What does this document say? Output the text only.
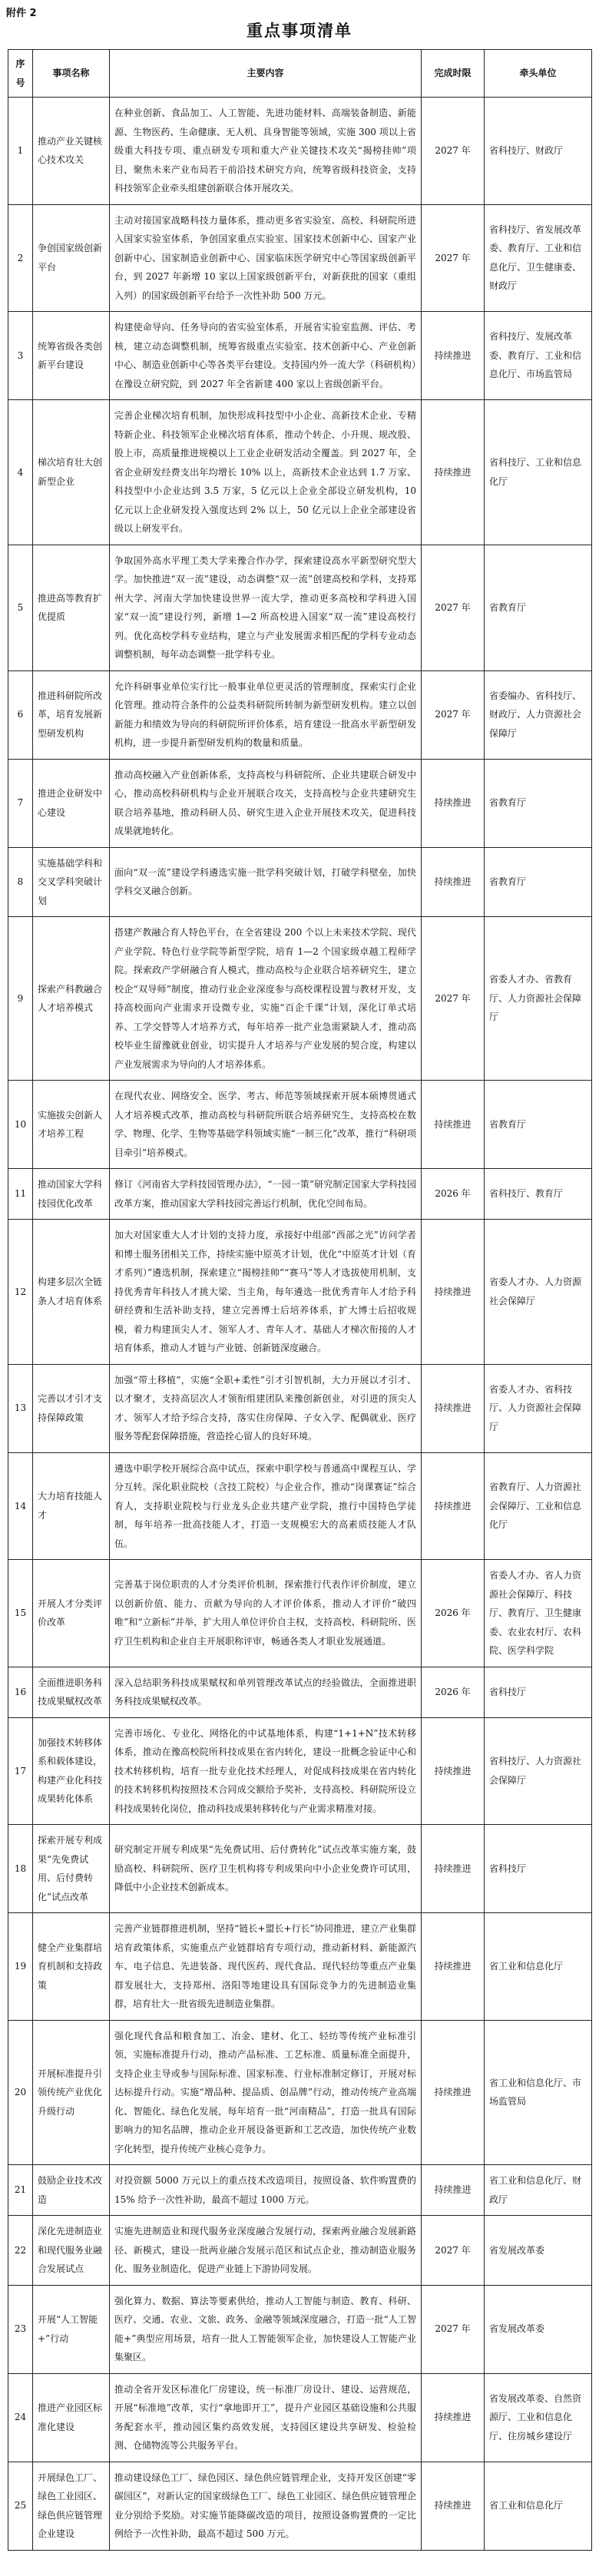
附件 2
重点事项清单
序号	事项名称	主要内容	完成时限	牵头单位
1	推动产业关键核心技术攻关	在种业创新、食品加工、人工智能、先进功能材料、高端装备制造、新能源、生物医药、生命健康、无人机、具身智能等领域，实施 300 项以上省级重大科技专项、重点研发专项和重大产业关键技术攻关“揭榜挂帅”项目，聚焦未来产业布局若干前沿技术研究方向，统筹省级科技资金，支持科技领军企业牵头组建创新联合体开展攻关。	2027 年	省科技厅、财政厅
2	争创国家级创新平台	主动对接国家战略科技力量体系，推动更多省实验室、高校、科研院所进入国家实验室体系，争创国家重点实验室、国家技术创新中心、国家产业创新中心、国家制造业创新中心、国家临床医学研究中心等国家级创新平台，到 2027 年新增 10 家以上国家级创新平台，对新获批的国家（重组入列）的国家级创新平台给予一次性补助 500 万元。	2027 年	省科技厅、省发展改革委、教育厅、工业和信息化厅、卫生健康委、财政厅
3	统筹省级各类创新平台建设	构建使命导向、任务导向的省实验室体系，开展省实验室监测、评估、考核，建立动态调整机制，统筹省级重点实验室、技术创新中心、产业创新中心、制造业创新中心等各类平台建设。支持国内外一流大学（科研机构）在豫设立研究院，到 2027 年全省新建 400 家以上省级创新平台。	持续推进	省科技厅、发展改革委、教育厅、工业和信息化厅、市场监管局
4	梯次培育壮大创新型企业	完善企业梯次培育机制，加快形成科技型中小企业、高新技术企业、专精特新企业、科技领军企业梯次培育体系，推动个转企、小升规、规改股、股上市，高质量推进规模以上工业企业研发活动全覆盖。到 2027 年，全省企业研发经费支出年均增长 10% 以上，高新技术企业达到 1.7 万家、科技型中小企业达到 3.5 万家，5 亿元以上企业全部设立研发机构，10 亿元以上企业研发投入强度达到 2% 以上，50 亿元以上企业全部建设省级以上研发平台。	持续推进	省科技厅、工业和信息化厅
5	推进高等教育扩优提质	争取国外高水平理工类大学来豫合作办学，探索建设高水平新型研究型大学。加快推进“双一流”建设，动态调整“双一流”创建高校和学科，支持郑州大学、河南大学加快建设世界一流大学，推动更多高校和学科进入国家“双一流”建设行列，新增 1—2 所高校进入国家“双一流”建设高校行列。优化高校学科专业结构，建立与产业发展需求相匹配的学科专业动态调整机制，每年动态调整一批学科专业。	2027 年	省教育厅
6	推进科研院所改革，培育发展新型研发机构	允许科研事业单位实行比一般事业单位更灵活的管理制度，探索实行企业化管理。推动符合条件的公益类科研院所转制为新型研发机构。建立以创新能力和绩效为导向的科研院所评价体系，培育建设一批高水平新型研发机构，进一步提升新型研发机构的数量和质量。	2027 年	省委编办、省科技厅、财政厅、人力资源社会保障厅
7	推进企业研发中心建设	推动高校融入产业创新体系，支持高校与科研院所、企业共建联合研发中心，推动高校科研机构与企业开展联合攻关，支持高校与企业共建研究生联合培养基地，推动科研人员、研究生进入企业开展技术攻关，促进科技成果就地转化。	持续推进	省教育厅
8	实施基础学科和交叉学科突破计划	面向“双一流”建设学科遴选实施一批学科突破计划，打破学科壁垒，加快学科交叉融合创新。	持续推进	省教育厅
9	探索产科教融合人才培养模式	搭建产教融合育人特色平台，在全省建设 200 个以上未来技术学院、现代产业学院、特色行业学院等新型学院，培育 1—2 个国家级卓越工程师学院。探索政产学研融合育人模式，推动高校与企业联合培养研究生，建立校企“双导师”制度，推动行业企业深度参与高校课程设置与教材开发，支持高校面向产业需求开设微专业，实施“百企千课”计划，深化订单式培养、工学交替等人才培养方式，每年培养一批产业急需紧缺人才，推动高校毕业生留豫就业创业，切实提升人才培养与产业发展的契合度，构建以产业发展需求为导向的人才培养体系。	2027 年	省委人才办、省教育厅、人力资源社会保障厅
10	实施拔尖创新人才培养工程	在现代农业、网络安全、医学、考古、师范等领域探索开展本硕博贯通式人才培养模式改革，推动高校与科研院所联合培养研究生，支持高校在数学、物理、化学、生物等基础学科领域实施“一制三化”改革，推行“科研项目牵引”培养模式。	持续推进	省教育厅
11	推动国家大学科技园优化改革	修订《河南省大学科技园管理办法》，“一园一策”研究制定国家大学科技园改革方案，推动国家大学科技园完善运行机制，优化空间布局。	2026 年	省科技厅、教育厅
12	构建多层次全链条人才培育体系	加大对国家重大人才计划的支持力度，承接好中组部“西部之光”访问学者和博士服务团相关工作，持续实施中原英才计划，优化“中原英才计划（育才系列）”遴选机制，探索建立“揭榜挂帅”“赛马”等人才选拔使用机制，支持优秀青年科技人才挑大梁、当主角，每年遴选一批优秀青年人才给予科研经费和生活补助支持，建立完善博士后培养体系，扩大博士后招收规模，着力构建顶尖人才、领军人才、青年人才、基础人才梯次衔接的人才培育体系，推动人才链与产业链、创新链深度融合。	持续推进	省委人才办、人力资源社会保障厅
13	完善以才引才支持保障政策	加强“带土移植”，实施“全职+柔性”引才引智机制，大力开展以才引才、以才聚才，支持高层次人才领衔组建团队来豫创新创业，对引进的顶尖人才、领军人才给予综合支持，落实住房保障、子女入学、配偶就业、医疗服务等配套保障措施，营造拴心留人的良好环境。	持续推进	省委人才办、省科技厅、人力资源社会保障厅
14	大力培育技能人才	遴选中职学校开展综合高中试点，探索中职学校与普通高中课程互认、学分互转。深化职业院校（含技工院校）与企业合作，推动“岗课赛证”综合育人，支持职业院校与行业龙头企业共建产业学院，推行中国特色学徒制，每年培养一批高技能人才，打造一支规模宏大的高素质技能人才队伍。	持续推进	省教育厅、人力资源社会保障厅、工业和信息化厅
15	开展人才分类评价改革	完善基于岗位职责的人才分类评价机制，探索推行代表作评价制度，建立以创新价值、能力、贡献为导向的人才评价体系，推动人才评价“破四唯”和“立新标”并举，扩大用人单位评价自主权，支持高校、科研院所、医疗卫生机构和企业自主开展职称评审，畅通各类人才职业发展通道。	2026 年	省委人才办、省人力资源社会保障厅、科技厅、教育厅、卫生健康委、农业农村厅、农科院、医学科学院
16	全面推进职务科技成果赋权改革	深入总结职务科技成果赋权和单列管理改革试点的经验做法，全面推进职务科技成果赋权改革。	2026 年	省科技厅
17	加强技术转移体系和载体建设，构建产业化科技成果转化体系	完善市场化、专业化、网络化的中试基地体系，构建“1+1+N”技术转移体系，推动在豫高校院所科技成果在省内转化，建设一批概念验证中心和技术转移机构，培育一批专业化技术经理人，对促成科技成果在省内转化的技术转移机构按照技术合同成交额给予奖补，支持高校、科研院所设立科技成果转化岗位，推动科技成果转移转化与产业需求精准对接。	持续推进	省科技厅、人力资源社会保障厅
18	探索开展专利成果“先免费试用、后付费转化”试点改革	研究制定开展专利成果“先免费试用、后付费转化”试点改革实施方案，鼓励高校、科研院所、医疗卫生机构将专利成果向中小企业免费许可试用，降低中小企业技术创新成本。	持续推进	省科技厅
19	健全产业集群培育机制和支持政策	完善产业链群推进机制，坚持“链长+盟长+行长”协同推进，建立产业集群培育政策体系，实施重点产业链群培育专项行动，推动新材料、新能源汽车、电子信息、先进装备、现代医药、现代食品、现代轻纺等重点产业集群发展壮大，支持郑州、洛阳等地建设具有国际竞争力的先进制造业集群，培育壮大一批省级先进制造业集群。	持续推进	省工业和信息化厅
20	开展标准提升引领传统产业优化升级行动	强化现代食品和粮食加工、冶金、建材、化工、轻纺等传统产业标准引领，实施标准提升行动，推动产品标准、工艺标准、质量标准全面提升，支持企业主导或参与国际标准、国家标准、行业标准制定修订，开展对标达标提升行动。实施“增品种、提品质、创品牌”行动，推动传统产业高端化、智能化、绿色化发展，每年培育一批“河南精品”，打造一批具有国际影响力的知名品牌，推动企业开展设备更新和工艺改造，加快传统产业数字化转型，提升传统产业核心竞争力。	持续推进	省工业和信息化厅、市场监管局
21	鼓励企业技术改造	对投资额 5000 万元以上的重点技术改造项目，按照设备、软件购置费的 15% 给予一次性补助，最高不超过 1000 万元。	持续推进	省工业和信息化厅、财政厅
22	深化先进制造业和现代服务业融合发展试点	实施先进制造业和现代服务业深度融合发展行动，探索两业融合发展新路径、新模式，建设一批两业融合发展示范区和试点企业，推动制造业服务化、服务业制造化，促进产业链上下游协同发展。	2027 年	省发展改革委
23	开展“人工智能+”行动	强化算力、数据、算法等要素供给，推动人工智能与制造、教育、科研、医疗、交通、农业、文旅、政务、金融等领域深度融合，打造一批“人工智能+”典型应用场景，培育一批人工智能领军企业，加快建设人工智能产业集聚区。	2027 年	省发展改革委
24	推进产业园区标准化建设	推动全省开发区标准化厂房建设，统一标准厂房设计、建设、运营规范，开展“标准地”改革，实行“拿地即开工”，提升产业园区基础设施和公共服务配套水平，推动园区集约高效发展，支持园区建设共享研发、检验检测、仓储物流等公共服务平台。	持续推进	省发展改革委、自然资源厅、工业和信息化厅、住房城乡建设厅
25	开展绿色工厂、绿色工业园区、绿色供应链管理企业建设	推动建设绿色工厂、绿色园区、绿色供应链管理企业，支持开发区创建“零碳园区”，对新认定的国家级绿色工厂、绿色工业园区、绿色供应链管理企业分别给予奖励。对实施节能降碳改造的项目，按照设备购置费的一定比例给予一次性补助，最高不超过 500 万元。	持续推进	省工业和信息化厅
